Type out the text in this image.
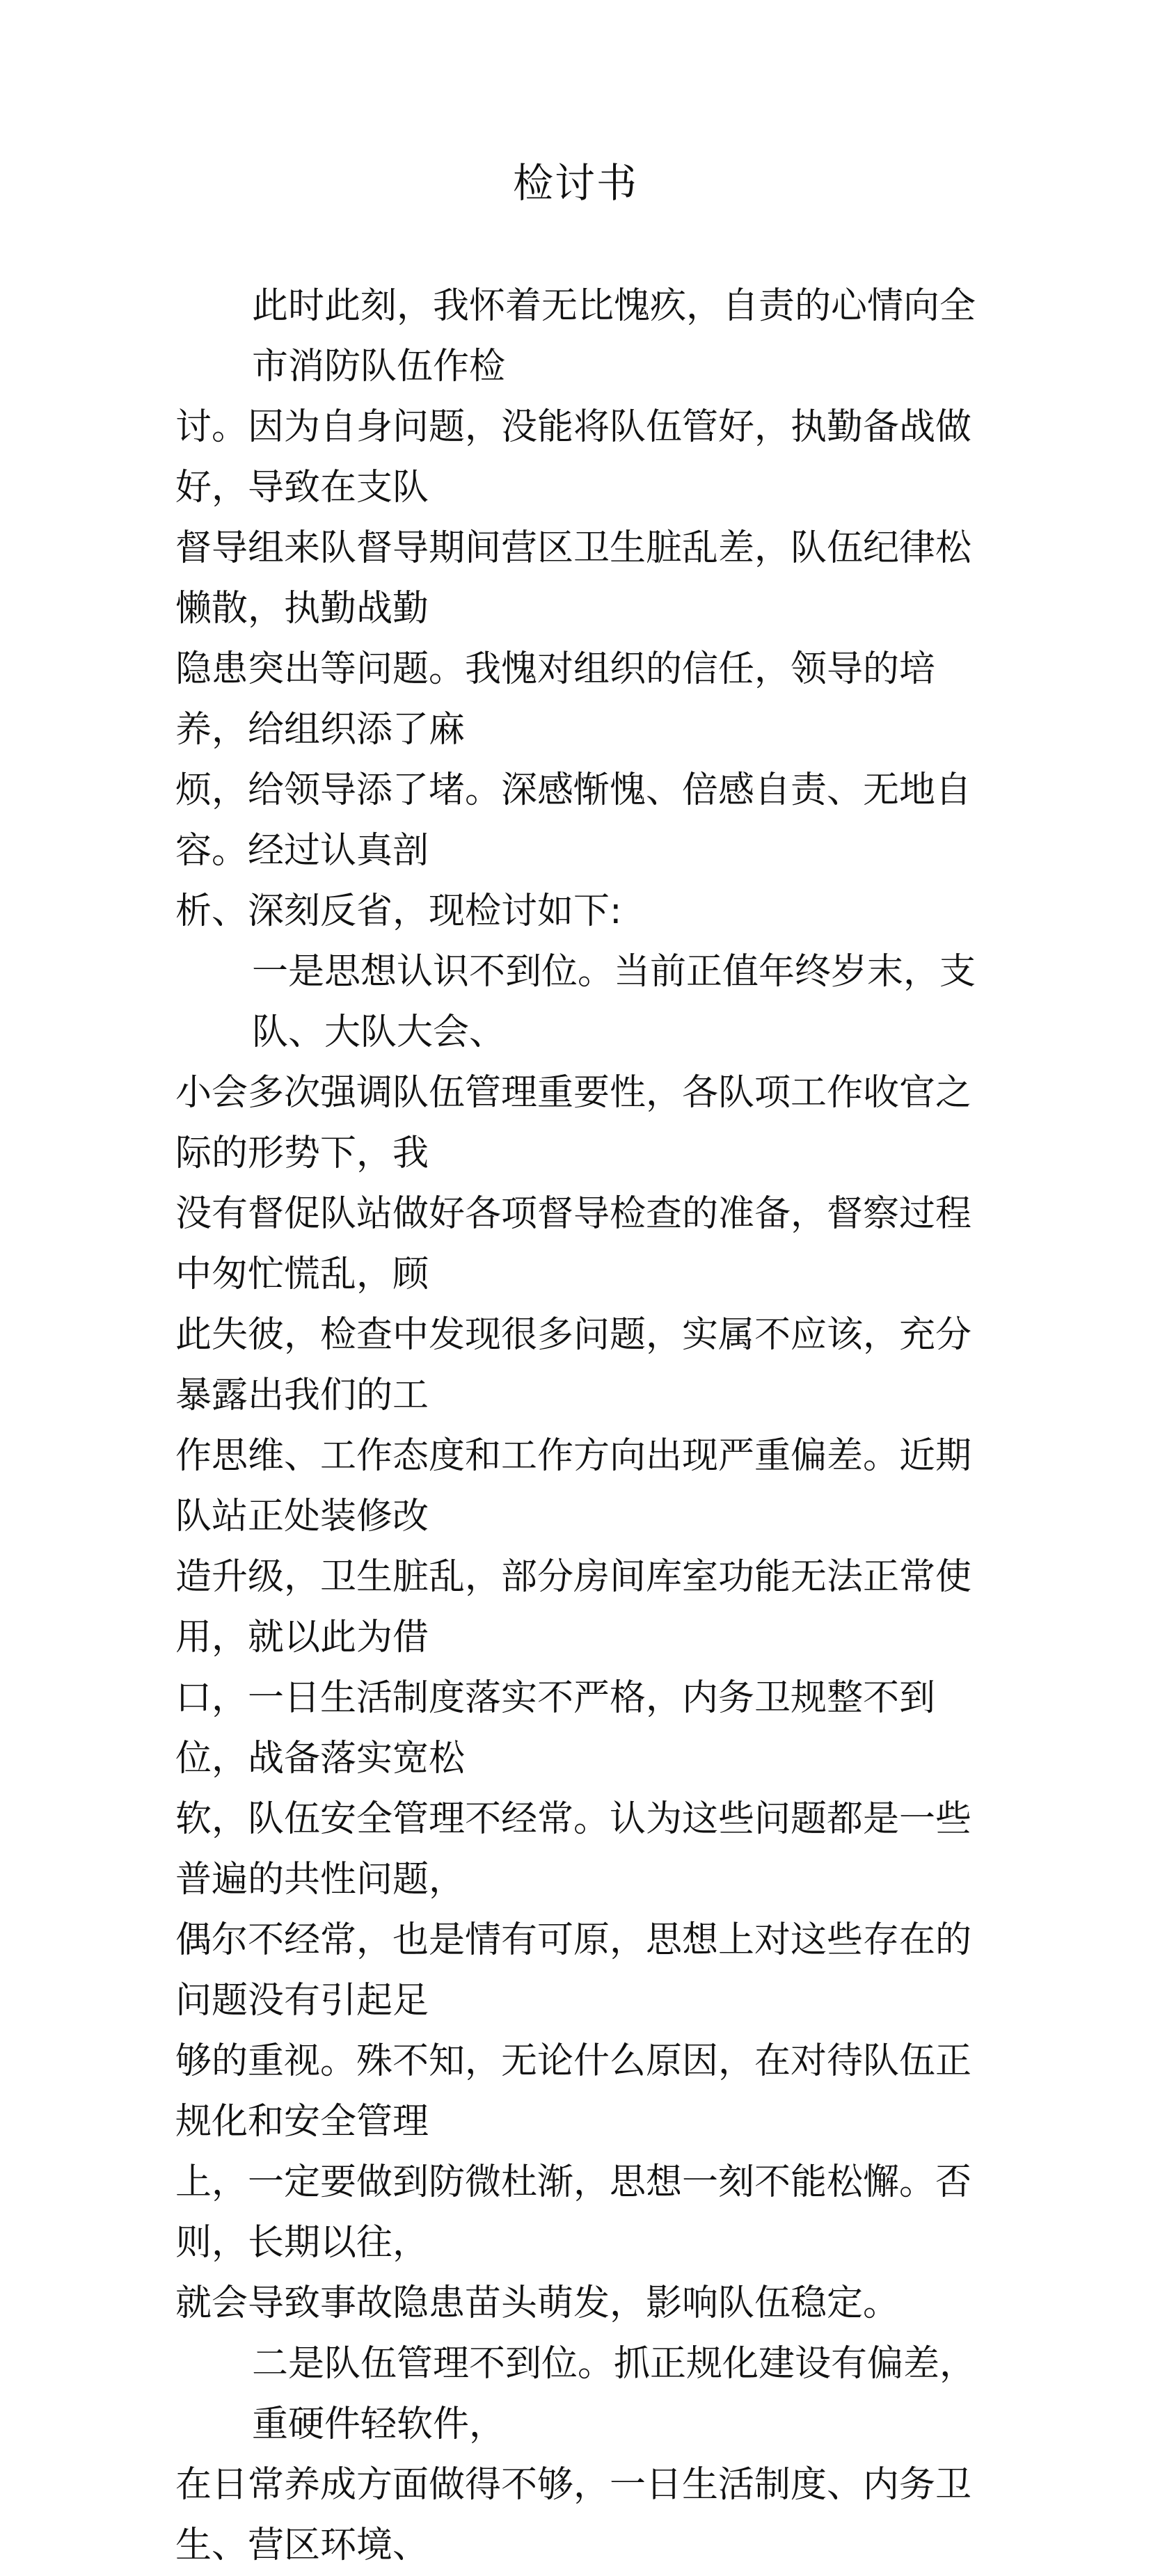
检讨书
此时此刻，我怀着无比愧疚，自责的心情向全市消防队伍作检
讨。因为自身问题，没能将队伍管好，执勤备战做好，导致在支队
督导组来队督导期间营区卫生脏乱差，队伍纪律松懒散，执勤战勤
隐患突出等问题。我愧对组织的信任，领导的培养，给组织添了麻
烦，给领导添了堵。深感惭愧、倍感自责、无地自容。经过认真剖
析、深刻反省，现检讨如下:
一是思想认识不到位。当前正值年终岁末，支队、大队大会、
小会多次强调队伍管理重要性，各队项工作收官之际的形势下，我
没有督促队站做好各项督导检查的准备，督察过程中匆忙慌乱，顾
此失彼，检查中发现很多问题，实属不应该，充分暴露出我们的工
作思维、工作态度和工作方向出现严重偏差。近期队站正处装修改
造升级，卫生脏乱，部分房间库室功能无法正常使用，就以此为借
口，一日生活制度落实不严格，内务卫规整不到位，战备落实宽松
软，队伍安全管理不经常。认为这些问题都是一些普遍的共性问题，
偶尔不经常，也是情有可原，思想上对这些存在的问题没有引起足
够的重视。殊不知，无论什么原因，在对待队伍正规化和安全管理
上，一定要做到防微杜渐，思想一刻不能松懈。否则，长期以往，
就会导致事故隐患苗头萌发，影响队伍稳定。
二是队伍管理不到位。抓正规化建设有偏差，重硬件轻软件，
在日常养成方面做得不够，一日生活制度、内务卫生、营区环境、
